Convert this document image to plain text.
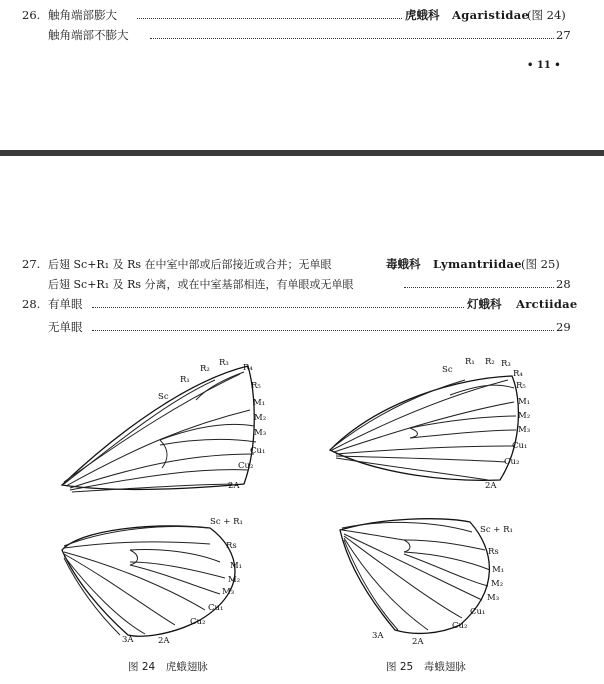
26. 触角端部膨大	虎蛾科 Agaristidae
(图 24)
触角端部不膨大	27
• 11 •
27. 后翅 Sc+R₁ 及 Rs 在中室中部或后部接近或合并；无单眼	毒蛾科 Lymantriidae (图 25)
后翅 Sc+R₁ 及 Rs 分离，或在中室基部相连，有单眼或无单眼	28
28. 有单眼	灯蛾科 Arctiidae
无单眼	29
R₃ R₄
R₂
R₁
R₅
Sc
M₁
M₂
M₃
Cu₁
Cu₂
2A
Sc + R₁
Rs
M₁
M₂
M₃
Cu₁
Cu₂
3A	2A
Sc
R₁ R₂ R₃
R₄
R₅
M₁
M₂
M₃
Cu₁
Cu₂
2A
Sc + R₁
Rs
M₁
M₂
M₃
Cu₁
Cu₂
3A
2A
图 24　虎蛾翅脉	图 25　毒蛾翅脉
